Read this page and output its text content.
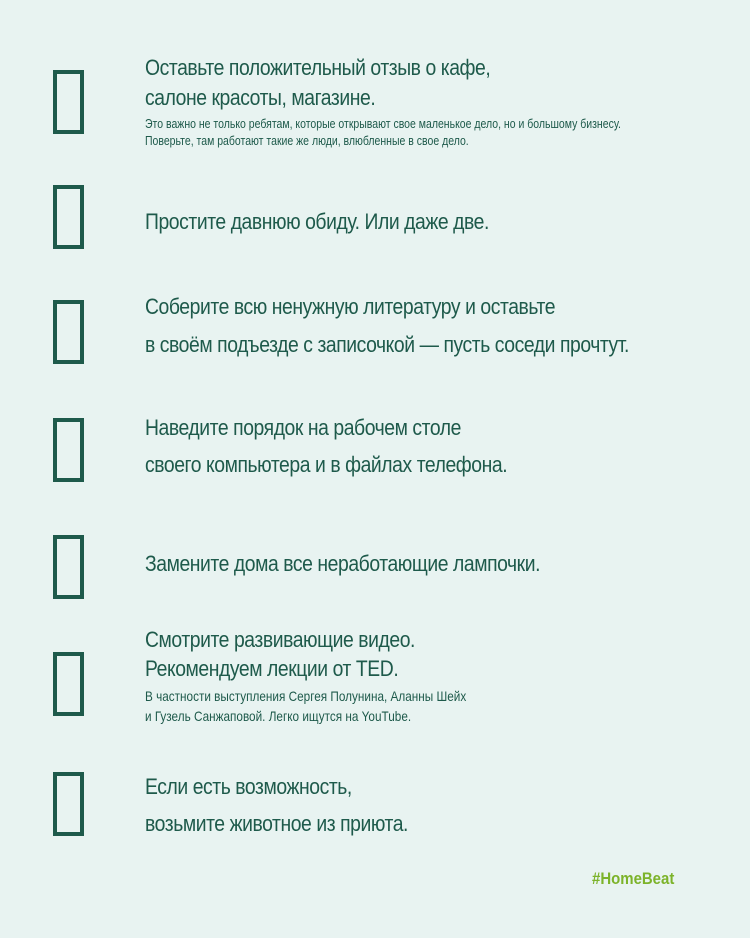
Оставьте положительный отзыв о кафе,
салоне красоты, магазине.
Это важно не только ребятам, которые открывают свое маленькое дело, но и большому бизнесу.
Поверьте, там работают такие же люди, влюбленные в свое дело.
Простите давнюю обиду. Или даже две.
Соберите всю ненужную литературу и оставьте
в своём подъезде с записочкой — пусть соседи прочтут.
Наведите порядок на рабочем столе
своего компьютера и в файлах телефона.
Замените дома все неработающие лампочки.
Смотрите развивающие видео.
Рекомендуем лекции от TED.
В частности выступления Сергея Полунина, Аланны Шейх
и Гузель Санжаповой. Легко ищутся на YouTube.
Если есть возможность,
возьмите животное из приюта.
#HomeBeat
